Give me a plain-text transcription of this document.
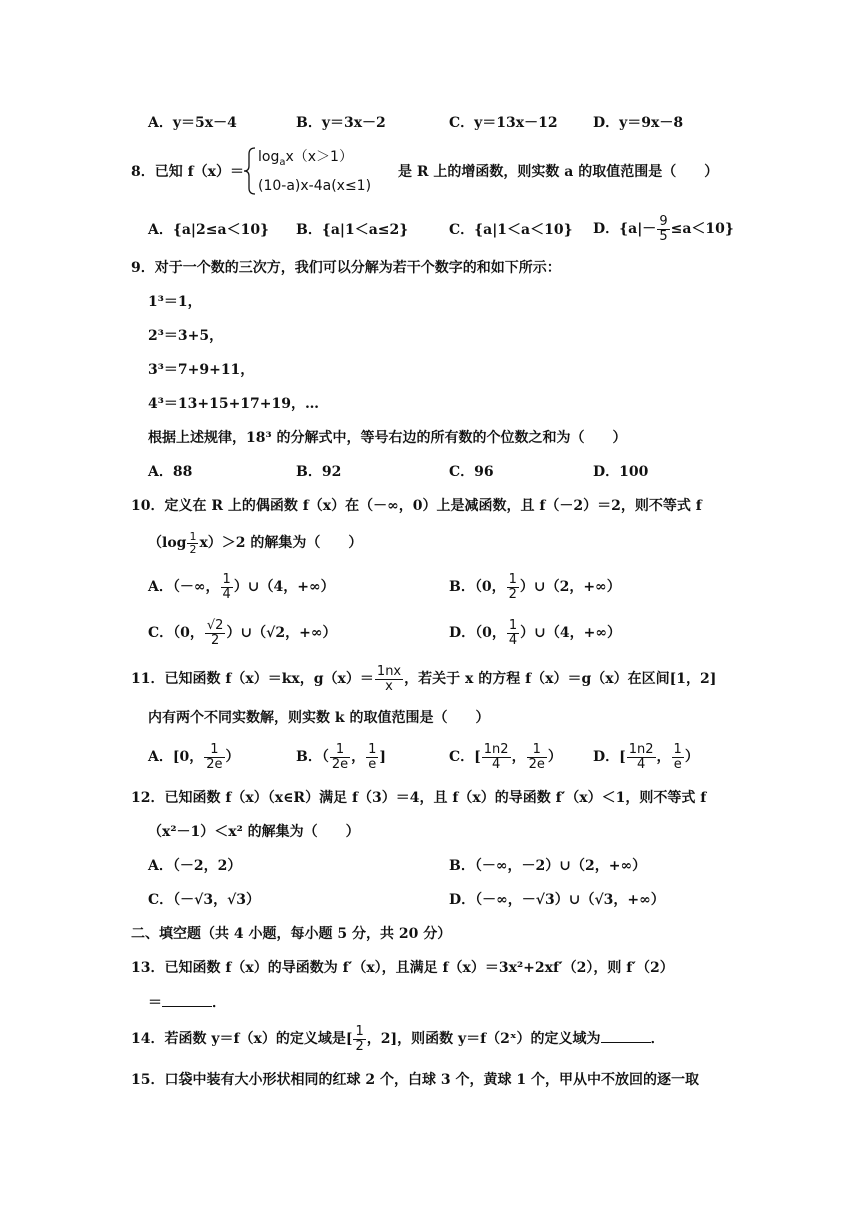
A．y＝5x－4	B．y＝3x－2	C．y＝13x－12	D．y＝9x－8
8．已知 f（x）＝
$\log_ax(x>1)$
(10-a)x-4a(x≤1)
是 R 上的增函数，则实数 a 的取值范围是（　　）
A．{a|2≤a＜10} B．{a|1＜a≤2}	C．{a|1＜a＜10} D．$\{a|- \frac{9}{5} \le a<10\}$
9．对于一个数的三次方，我们可以分解为若干个数字的和如下所示：
1³＝1，
2³＝3+5，
3³＝7+9+11，
4³＝13+15+17+19，…
根据上述规律，18³ 的分解式中，等号右边的所有数的个位数之和为（　　）
A．88	B．92	C．96	D．100
10．定义在 R 上的偶函数 f（x）在（－∞，0）上是减函数，且 f（－2）＝2，则不等式 f
$(\log \frac{1}{2} x)>2$ 的解集为（　　）
A．（－∞， $\frac{1}{4}$ ）∪（4，+∞）	B．（0， $\frac{1}{2}$ ）∪（2，+∞）
C．（0， $\frac{√2}{2}$ ）∪（√2，+∞）	D．（0， $\frac{1}{4}$ ）∪（4，+∞）
11．已知函数 f（x）＝kx，$g(x)= \frac{1nx}{x}$ ，若关于 x 的方程 f（x）＝g（x）在区间[1，2]
内有两个不同实数解，则实数 k 的取值范围是（　　）
A．[0， $\frac{1}{2e}$ ）	B．（ $\frac{1}{2e}$ ， $\frac{1}{e}$ ]	C．[ $\frac{1n2}{4}$ ， $\frac{1}{2e}$ ） D．[ $\frac{1n2}{4}$ ， $\frac{1}{e}$ ）
12．已知函数 f（x）（x∈R）满足 f（3）＝4，且 f（x）的导函数 f′（x）＜1，则不等式 f
（x²－1）＜x² 的解集为（　　）
A．（－2，2）	B．（－∞，－2）∪（2，+∞）
C．（－√3，√3）	D．（－∞，－√3）∪（√3，+∞）
二、填空题（共 4 小题，每小题 5 分，共 20 分）
13．已知函数 f（x）的导函数为 f′（x），且满足 f（x）＝3x²+2xf′（2），则 f′（2）
＝	．
14．若函数 y＝f（x）的定义域是[ $\frac{1}{2}$ ，2]，则函数 y＝f（2ˣ）的定义域为	．
15．口袋中装有大小形状相同的红球 2 个，白球 3 个，黄球 1 个，甲从中不放回的逐一取
